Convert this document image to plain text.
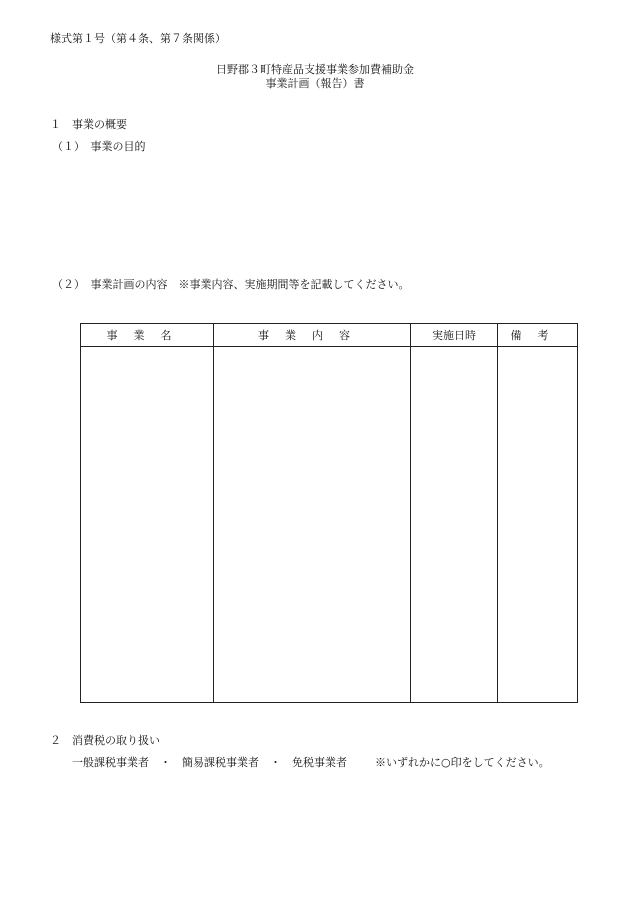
様式第１号（第４条、第７条関係）
日野郡３町特産品支援事業参加費補助金
事業計画（報告）書
１　事業の概要
（１）　事業の目的
（２）　事業計画の内容　※事業内容、実施期間等を記載してください。
事業名	事業内容	実施日時	備考

２　消費税の取り扱い
一般課税事業者　・　簡易課税事業者　・　免税事業者	※いずれかに○印をしてください。
